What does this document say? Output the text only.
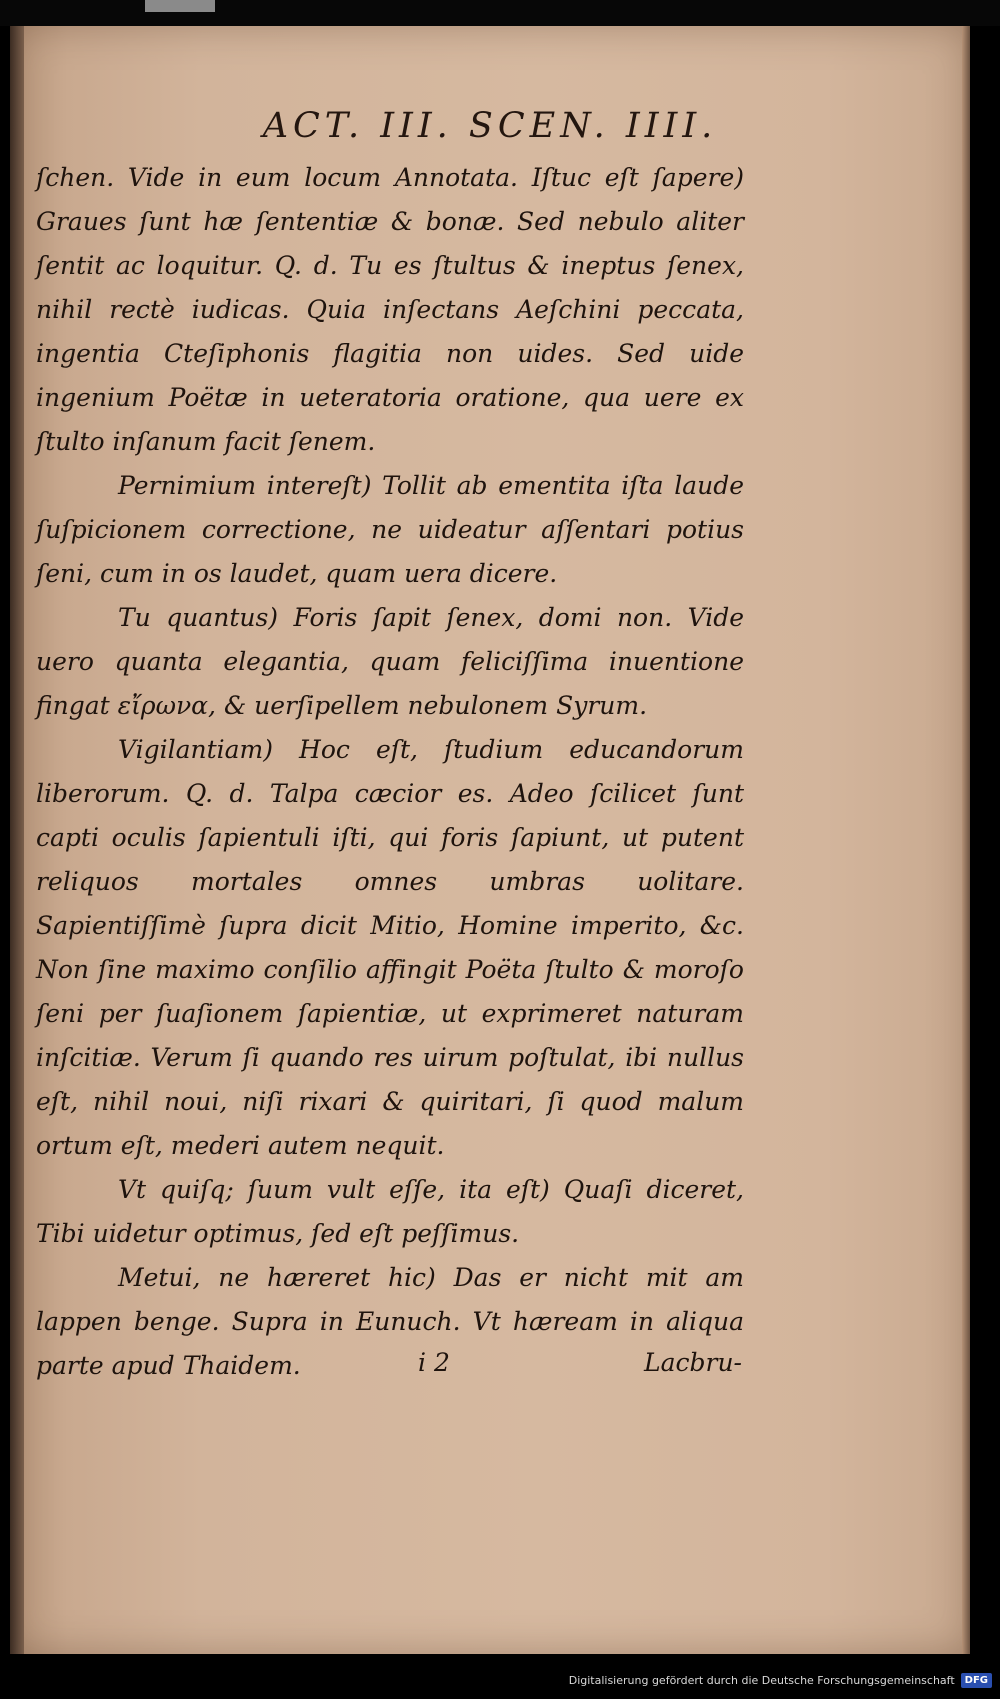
ACT. III. SCEN. IIII.

ſchen. Vide in eum locum Annotata. Iſtuc eſt ſapere) Graues ſunt hæ ſententiæ & bonæ. Sed nebulo aliter ſentit ac loquitur. Q. d. Tu es ſtultus & ineptus ſenex, nihil rectè iudicas. Quia inſectans Aeſchini peccata, ingentia Cteſiphonis flagitia non uides. Sed uide ingenium Poëtæ in ueteratoria oratione, qua uere ex ſtulto inſanum facit ſenem.

Pernimium intereſt) Tollit ab ementita iſta laude ſuſpicionem correctione, ne uideatur aſſentari potius ſeni, cum in os laudet, quam uera dicere.

Tu quantus) Foris ſapit ſenex, domi non. Vide uero quanta elegantia, quam feliciſſima inuentione fingat εἴρωνα, & uerſipellem nebulonem Syrum.

Vigilantiam) Hoc eſt, ſtudium educandorum liberorum. Q. d. Talpa cæcior es. Adeo ſcilicet ſunt capti oculis ſapientuli iſti, qui foris ſapiunt, ut putent reliquos mortales omnes umbras uolitare. Sapientiſſimè ſupra dicit Mitio, Homine imperito, &c. Non ſine maximo conſilio affingit Poëta ſtulto & moroſo ſeni per ſuaſionem ſapientiæ, ut exprimeret naturam inſcitiæ. Verum ſi quando res uirum poſtulat, ibi nullus eſt, nihil noui, niſi rixari & quiritari, ſi quod malum ortum eſt, mederi autem nequit.

Vt quiſq; ſuum vult eſſe, ita eſt) Quaſi diceret, Tibi uidetur optimus, ſed eſt peſſimus.

Metui, ne hæreret hic) Das er nicht mit am lappen benge. Supra in Eunuch. Vt hæream in aliqua parte apud Thaidem.	i 2	Lacbru-
Digitalisierung gefördert durch die Deutsche Forschungsgemeinschaft	DFG
